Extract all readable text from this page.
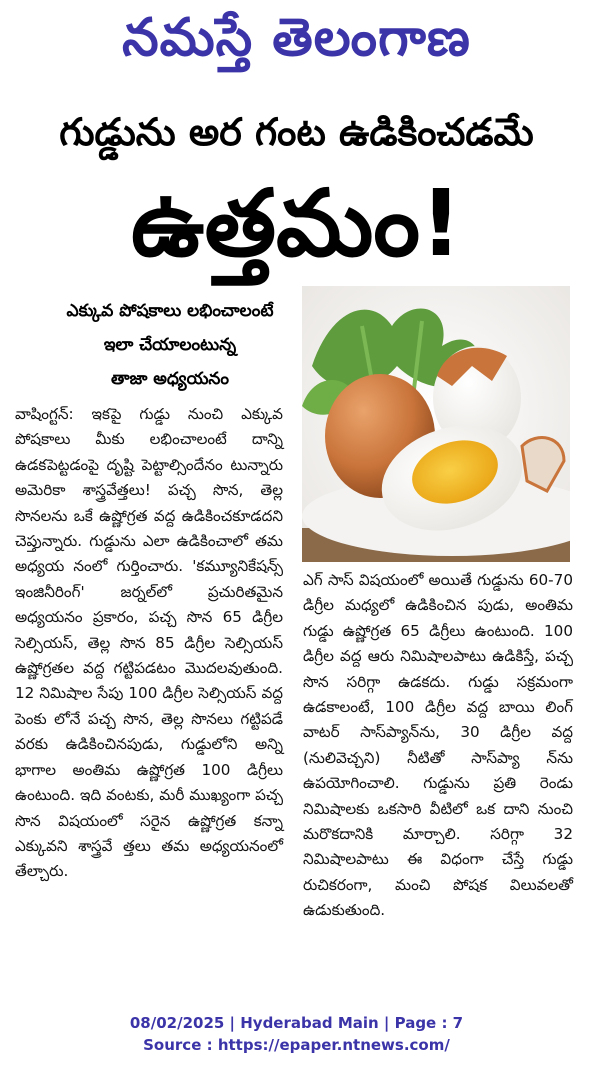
నమస్తే తెలంగాణ
గుడ్డును అర గంట ఉడికించడమే
ఉత్తమం!
ఎక్కువ పోషకాలు లభించాలంటే
ఇలా చేయాలంటున్న
తాజా అధ్యయనం

వాషింగ్టన్: ఇకపై గుడ్డు నుంచి ఎక్కువ పోషకాలు మీకు లభించాలంటే దాన్ని ఉడకపెట్టడంపై దృష్టి పెట్టాల్సిందేనం టున్నారు అమెరికా శాస్త్రవేత్తలు! పచ్చ సొన, తెల్ల సొనలను ఒకే ఉష్ణోగ్రత వద్ద ఉడికించకూడదని చెప్తున్నారు. గుడ్డును ఎలా ఉడికించాలో తమ అధ్యయ నంలో గుర్తించారు. 'కమ్యూనికేషన్స్ ఇంజినీరింగ్' జర్నల్‌లో ప్రచురితమైన అధ్యయనం ప్రకారం, పచ్చ సొన 65 డిగ్రీల సెల్సియస్, తెల్ల సొన 85 డిగ్రీల సెల్సియస్ ఉష్ణోగ్రతల వద్ద గట్టిపడటం మొదలవుతుంది. 12 నిమిషాల సేపు 100 డిగ్రీల సెల్సియస్ వద్ద పెంకు లోనే పచ్చ సొన, తెల్ల సొనలు గట్టిపడే వరకు ఉడికించినపుడు, గుడ్డులోని అన్ని భాగాల అంతిమ ఉష్ణోగ్రత 100 డిగ్రీలు ఉంటుంది. ఇది వంటకు, మరీ ముఖ్యంగా పచ్చ సొన విషయంలో సరైన ఉష్ణోగ్రత కన్నా ఎక్కువని శాస్త్రవే త్తలు తమ అధ్యయనంలో తేల్చారు.

ఎగ్ సాస్ విషయంలో అయితే గుడ్డును 60-70 డిగ్రీల మధ్యలో ఉడికించిన పుడు, అంతిమ గుడ్డు ఉష్ణోగ్రత 65 డిగ్రీలు ఉంటుంది. 100 డిగ్రీల వద్ద ఆరు నిమిషాలపాటు ఉడికిస్తే, పచ్చ సొన సరిగ్గా ఉడకదు. గుడ్డు సక్రమంగా ఉడకాలంటే, 100 డిగ్రీల వద్ద బాయి లింగ్ వాటర్ సాస్‌ప్యాన్‌ను, 30 డిగ్రీల వద్ద (నులివెచ్చని) నీటితో సాస్‌ప్యా న్‌ను ఉపయోగించాలి. గుడ్డును ప్రతి రెండు నిమిషాలకు ఒకసారి వీటిలో ఒక దాని నుంచి మరొకదానికి మార్చాలి. సరిగ్గా 32 నిమిషాలపాటు ఈ విధంగా చేస్తే గుడ్డు రుచికరంగా, మంచి పోషక విలువలతో ఉడుకుతుంది.

08/02/2025 | Hyderabad Main | Page : 7
Source : https://epaper.ntnews.com/
